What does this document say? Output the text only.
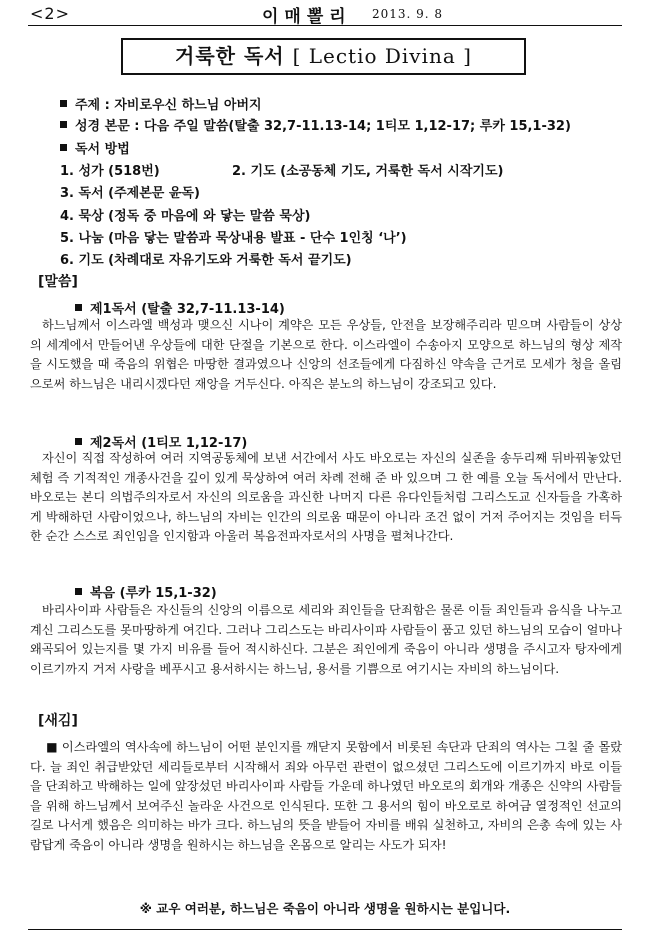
<2>	이매뽈리 2013. 9. 8
거룩한 독서 [ Lectio Divina ]
주제 : 자비로우신 하느님 아버지
성경 본문 : 다음 주일 말씀(탈출 32,7-11.13-14; 1티모 1,12-17; 루카 15,1-32)
독서 방법
1. 성가 (518번)	2. 기도 (소공동체 기도, 거룩한 독서 시작기도)
3. 독서 (주제본문 윤독)
4. 묵상 (정독 중 마음에 와 닿는 말씀 묵상)
5. 나눔 (마음 닿는 말씀과 묵상내용 발표 - 단수 1인칭 ‘나’)
6. 기도 (차례대로 자유기도와 거룩한 독서 끝기도)
[말씀]
제1독서 (탈출 32,7-11.13-14)

하느님께서 이스라엘 백성과 맺으신 시나이 계약은 모든 우상들, 안전을 보장해주리라 믿으며 사람들이 상상의 세계에서 만들어낸 우상들에 대한 단절을 기본으로 한다. 이스라엘이 수송아지 모양으로 하느님의 형상 제작을 시도했을 때 죽음의 위협은 마땅한 결과였으나 신앙의 선조들에게 다짐하신 약속을 근거로 모세가 청을 올림으로써 하느님은 내리시겠다던 재앙을 거두신다. 아직은 분노의 하느님이 강조되고 있다.

제2독서 (1티모 1,12-17)

자신이 직접 작성하여 여러 지역공동체에 보낸 서간에서 사도 바오로는 자신의 실존을 송두리째 뒤바꿔놓았던 체험 즉 기적적인 개종사건을 깊이 있게 묵상하여 여러 차례 전해 준 바 있으며 그 한 예를 오늘 독서에서 만난다. 바오로는 본디 의법주의자로서 자신의 의로움을 과신한 나머지 다른 유다인들처럼 그리스도교 신자들을 가혹하게 박해하던 사람이었으나, 하느님의 자비는 인간의 의로움 때문이 아니라 조건 없이 거저 주어지는 것임을 터득한 순간 스스로 죄인임을 인지함과 아울러 복음전파자로서의 사명을 펼쳐나간다.

복음 (루카 15,1-32)

바리사이파 사람들은 자신들의 신앙의 이름으로 세리와 죄인들을 단죄함은 물론 이들 죄인들과 음식을 나누고 계신 그리스도를 못마땅하게 여긴다. 그러나 그리스도는 바리사이파 사람들이 품고 있던 하느님의 모습이 얼마나 왜곡되어 있는지를 몇 가지 비유를 들어 적시하신다. 그분은 죄인에게 죽음이 아니라 생명을 주시고자 탕자에게 이르기까지 거저 사랑을 베푸시고 용서하시는 하느님, 용서를 기쁨으로 여기시는 자비의 하느님이다.

[새김]

■ 이스라엘의 역사속에 하느님이 어떤 분인지를 깨닫지 못함에서 비롯된 속단과 단죄의 역사는 그칠 줄 몰랐다. 늘 죄인 취급받았던 세리들로부터 시작해서 죄와 아무런 관련이 없으셨던 그리스도에 이르기까지 바로 이들을 단죄하고 박해하는 일에 앞장섰던 바리사이파 사람들 가운데 하나였던 바오로의 회개와 개종은 신약의 사람들을 위해 하느님께서 보여주신 놀라운 사건으로 인식된다. 또한 그 용서의 힘이 바오로로 하여금 열정적인 선교의 길로 나서게 했음은 의미하는 바가 크다. 하느님의 뜻을 받들어 자비를 배워 실천하고, 자비의 은총 속에 있는 사람답게 죽음이 아니라 생명을 원하시는 하느님을 온몸으로 알리는 사도가 되자!

※ 교우 여러분, 하느님은 죽음이 아니라 생명을 원하시는 분입니다.
